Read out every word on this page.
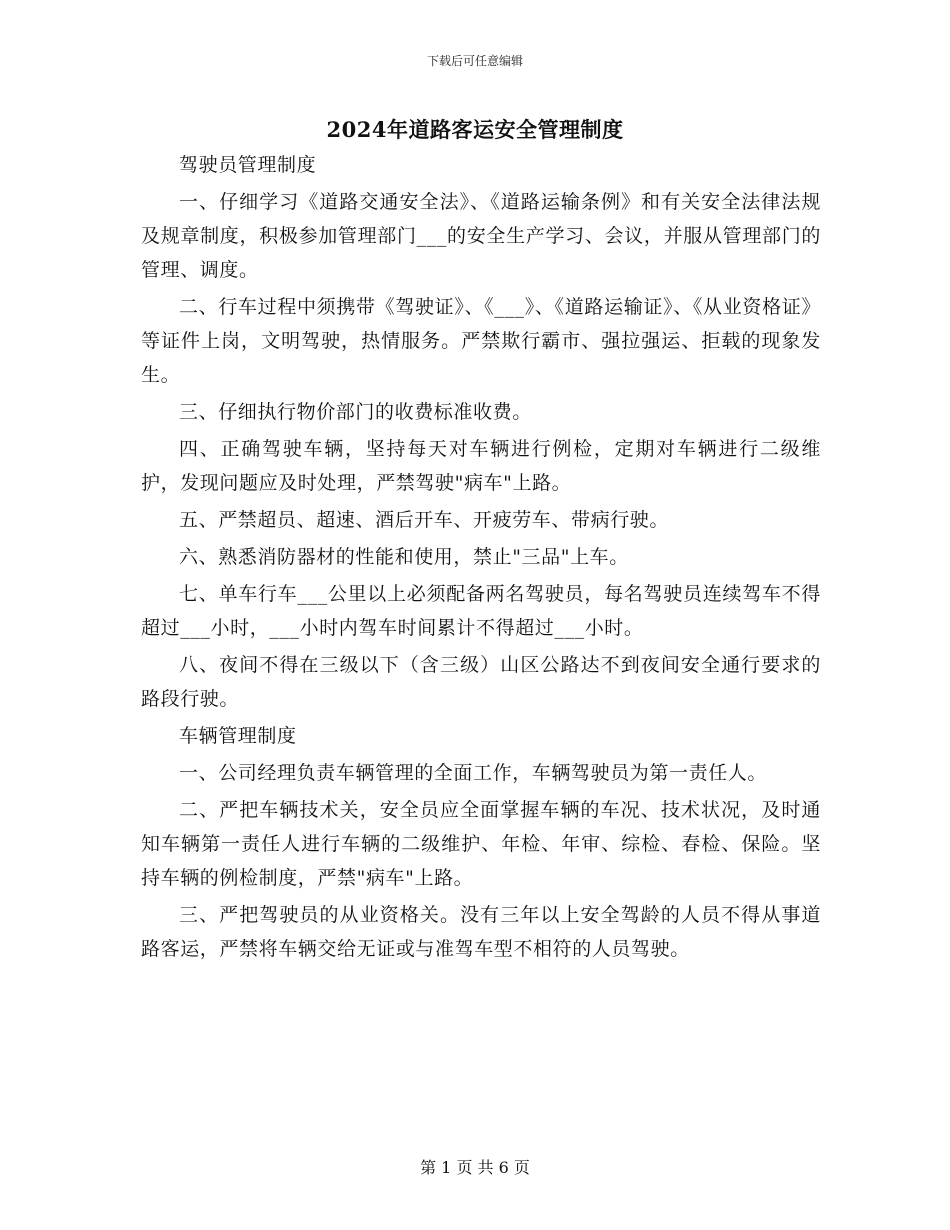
下载后可任意编辑
2024年道路客运安全管理制度

驾驶员管理制度

一、仔细学习《道路交通安全法》、《道路运输条例》和有关安全法律法规及规章制度，积极参加管理部门___的安全生产学习、会议，并服从管理部门的管理、调度。

二、行车过程中须携带《驾驶证》、《___》、《道路运输证》、《从业资格证》等证件上岗，文明驾驶，热情服务。严禁欺行霸市、强拉强运、拒载的现象发生。

三、仔细执行物价部门的收费标准收费。

四、正确驾驶车辆，坚持每天对车辆进行例检，定期对车辆进行二级维护，发现问题应及时处理，严禁驾驶"病车"上路。

五、严禁超员、超速、酒后开车、开疲劳车、带病行驶。

六、熟悉消防器材的性能和使用，禁止"三品"上车。

七、单车行车___公里以上必须配备两名驾驶员，每名驾驶员连续驾车不得超过___小时，___小时内驾车时间累计不得超过___小时。

八、夜间不得在三级以下（含三级）山区公路达不到夜间安全通行要求的路段行驶。

车辆管理制度

一、公司经理负责车辆管理的全面工作，车辆驾驶员为第一责任人。

二、严把车辆技术关，安全员应全面掌握车辆的车况、技术状况，及时通知车辆第一责任人进行车辆的二级维护、年检、年审、综检、春检、保险。坚持车辆的例检制度，严禁"病车"上路。

三、严把驾驶员的从业资格关。没有三年以上安全驾龄的人员不得从事道路客运，严禁将车辆交给无证或与准驾车型不相符的人员驾驶。

第 1 页 共 6 页
